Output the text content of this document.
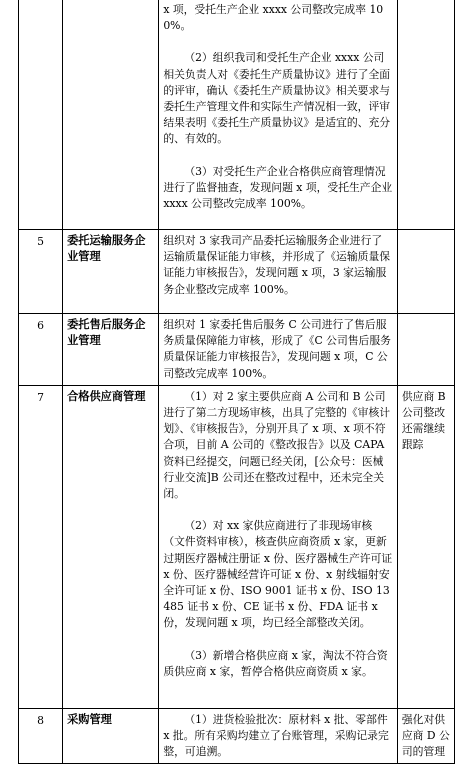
		x 项，受托生产企业 xxxx 公司整改完成率 100%。

（2）组织我司和受托生产企业 xxxx 公司相关负责人对《委托生产质量协议》进行了全面的评审，确认《委托生产质量协议》相关要求与委托生产管理文件和实际生产情况相一致，评审结果表明《委托生产质量协议》是适宜的、充分的、有效的。

（3）对受托生产企业合格供应商管理情况进行了监督抽查，发现问题 x 项，受托生产企业 xxxx 公司整改完成率 100%。	

5	委托运输服务企业管理	组织对 3 家我司产品委托运输服务企业进行了运输质量保证能力审核，并形成了《运输质量保证能力审核报告》，发现问题 x 项，3 家运输服务企业整改完成率 100%。	

6	委托售后服务企业管理	组织对 1 家委托售后服务 C 公司进行了售后服务质量保障能力审核，形成了《C 公司售后服务质量保证能力审核报告》，发现问题 x 项，C 公司整改完成率 100%。	

7	合格供应商管理	（1）对 2 家主要供应商 A 公司和 B 公司进行了第二方现场审核，出具了完整的《审核计划》、《审核报告》，分别开具了 x 项、x 项不符合项，目前 A 公司的《整改报告》以及 CAPA 资料已经提交，问题已经关闭，[公众号：医械行业交流]B 公司还在整改过程中，还未完全关闭。

（2）对 xx 家供应商进行了非现场审核（文件资料审核），核查供应商资质 x 家，更新过期医疗器械注册证 x 份、医疗器械生产许可证 x 份、医疗器械经营许可证 x 份、x 射线辐射安全许可证 x 份、ISO 9001 证书 x 份、ISO 13485 证书 x 份、CE 证书 x 份、FDA 证书 x 份，发现问题 x 项，均已经全部整改关闭。

（3）新增合格供应商 x 家，淘汰不符合资质供应商 x 家，暂停合格供应商资质 x 家。	供应商 B 公司整改还需继续跟踪
8	采购管理	（1）进货检验批次：原材料 x 批、零部件 x 批。所有采购均建立了台账管理，采购记录完整，可追溯。	强化对供应商 D 公司的管理
